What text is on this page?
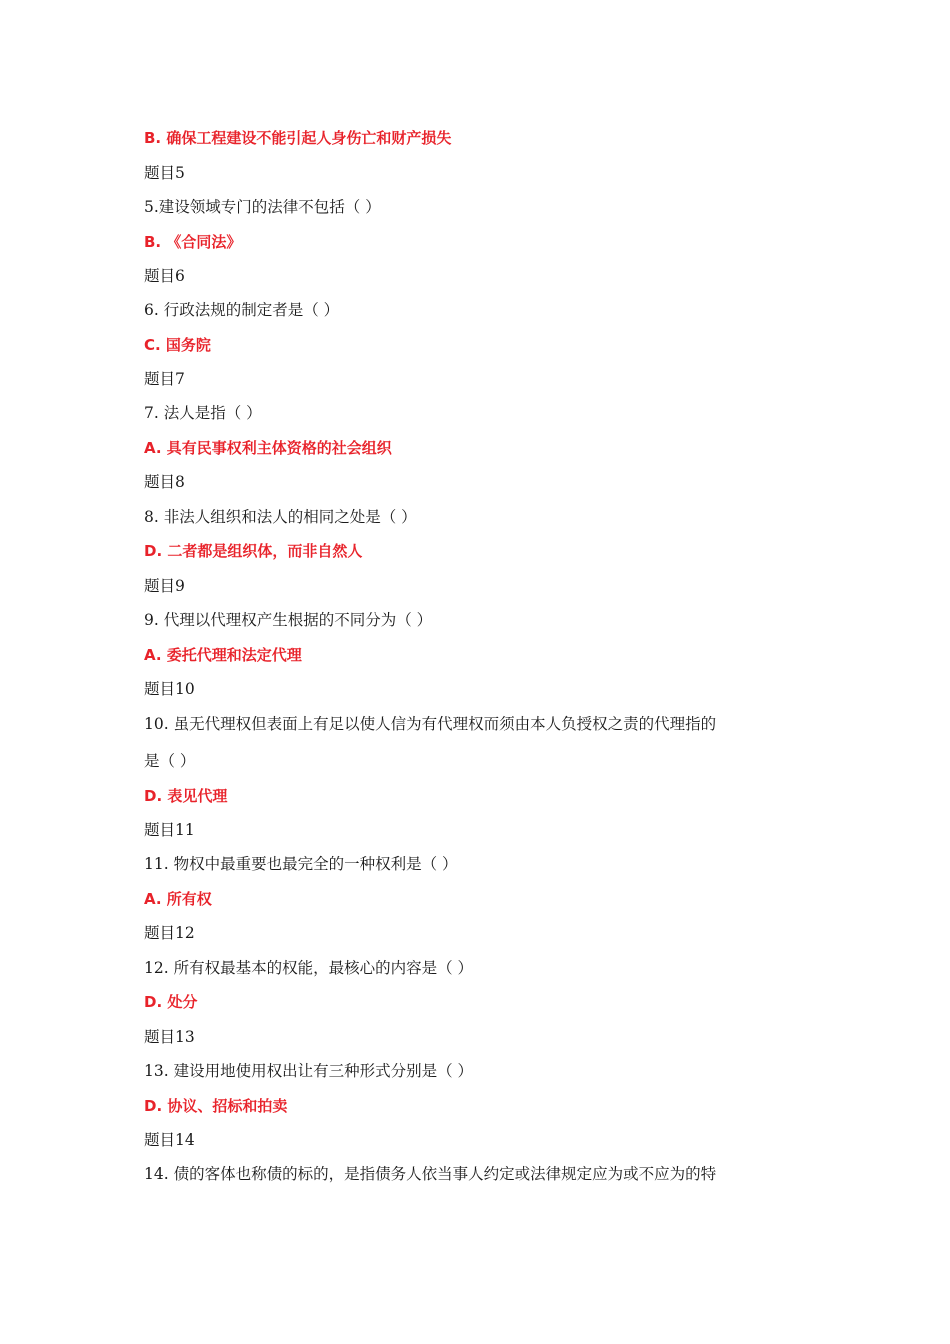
B. 确保工程建设不能引起人身伤亡和财产损失
题目5
5.建设领域专门的法律不包括（ ）
B. 《合同法》
题目6
6. 行政法规的制定者是（ ）
C. 国务院
题目7
7. 法人是指（ ）
A. 具有民事权利主体资格的社会组织
题目8
8. 非法人组织和法人的相同之处是（ ）
D. 二者都是组织体，而非自然人
题目9
9. 代理以代理权产生根据的不同分为（ ）
A. 委托代理和法定代理
题目10
10. 虽无代理权但表面上有足以使人信为有代理权而须由本人负授权之责的代理指的
是（ ）
D. 表见代理
题目11
11. 物权中最重要也最完全的一种权利是（ ）
A. 所有权
题目12
12. 所有权最基本的权能，最核心的内容是（ ）
D. 处分
题目13
13. 建设用地使用权出让有三种形式分别是（ ）
D. 协议、招标和拍卖
题目14
14. 债的客体也称债的标的，是指债务人依当事人约定或法律规定应为或不应为的特
